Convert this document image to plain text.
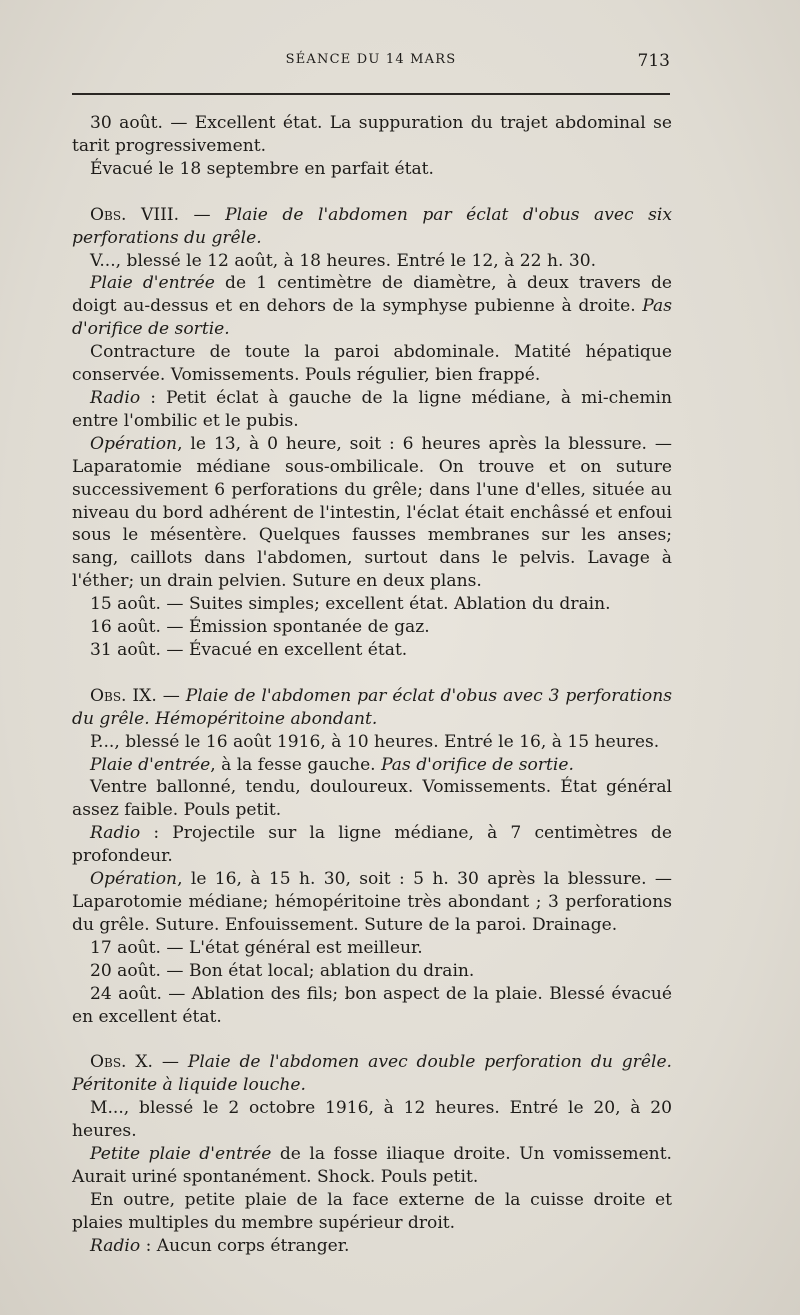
SÉANCE DU 14 MARS	713

30 août. — Excellent état. La suppuration du trajet abdominal se tarit progressivement.

Évacué le 18 septembre en parfait état.

Obs. VIII. — Plaie de l'abdomen par éclat d'obus avec six perforations du grêle.

V..., blessé le 12 août, à 18 heures. Entré le 12, à 22 h. 30.

Plaie d'entrée de 1 centimètre de diamètre, à deux travers de doigt au-dessus et en dehors de la symphyse pubienne à droite. Pas d'orifice de sortie.

Contracture de toute la paroi abdominale. Matité hépatique conservée. Vomissements. Pouls régulier, bien frappé.

Radio : Petit éclat à gauche de la ligne médiane, à mi-chemin entre l'ombilic et le pubis.

Opération, le 13, à 0 heure, soit : 6 heures après la blessure. — Laparatomie médiane sous-ombilicale. On trouve et on suture successivement 6 perforations du grêle; dans l'une d'elles, située au niveau du bord adhérent de l'intestin, l'éclat était enchâssé et enfoui sous le mésentère. Quelques fausses membranes sur les anses; sang, caillots dans l'abdomen, surtout dans le pelvis. Lavage à l'éther; un drain pelvien. Suture en deux plans.

15 août. — Suites simples; excellent état. Ablation du drain.

16 août. — Émission spontanée de gaz.

31 août. — Évacué en excellent état.

Obs. IX. — Plaie de l'abdomen par éclat d'obus avec 3 perforations du grêle. Hémopéritoine abondant.

P..., blessé le 16 août 1916, à 10 heures. Entré le 16, à 15 heures.

Plaie d'entrée, à la fesse gauche. Pas d'orifice de sortie.

Ventre ballonné, tendu, douloureux. Vomissements. État général assez faible. Pouls petit.

Radio : Projectile sur la ligne médiane, à 7 centimètres de profondeur.

Opération, le 16, à 15 h. 30, soit : 5 h. 30 après la blessure. — Laparotomie médiane; hémopéritoine très abondant ; 3 perforations du grêle. Suture. Enfouissement. Suture de la paroi. Drainage.

17 août. — L'état général est meilleur.

20 août. — Bon état local; ablation du drain.

24 août. — Ablation des fils; bon aspect de la plaie. Blessé évacué en excellent état.

Obs. X. — Plaie de l'abdomen avec double perforation du grêle. Péritonite à liquide louche.

M..., blessé le 2 octobre 1916, à 12 heures. Entré le 20, à 20 heures.

Petite plaie d'entrée de la fosse iliaque droite. Un vomissement. Aurait uriné spontanément. Shock. Pouls petit.

En outre, petite plaie de la face externe de la cuisse droite et plaies multiples du membre supérieur droit.

Radio : Aucun corps étranger.
